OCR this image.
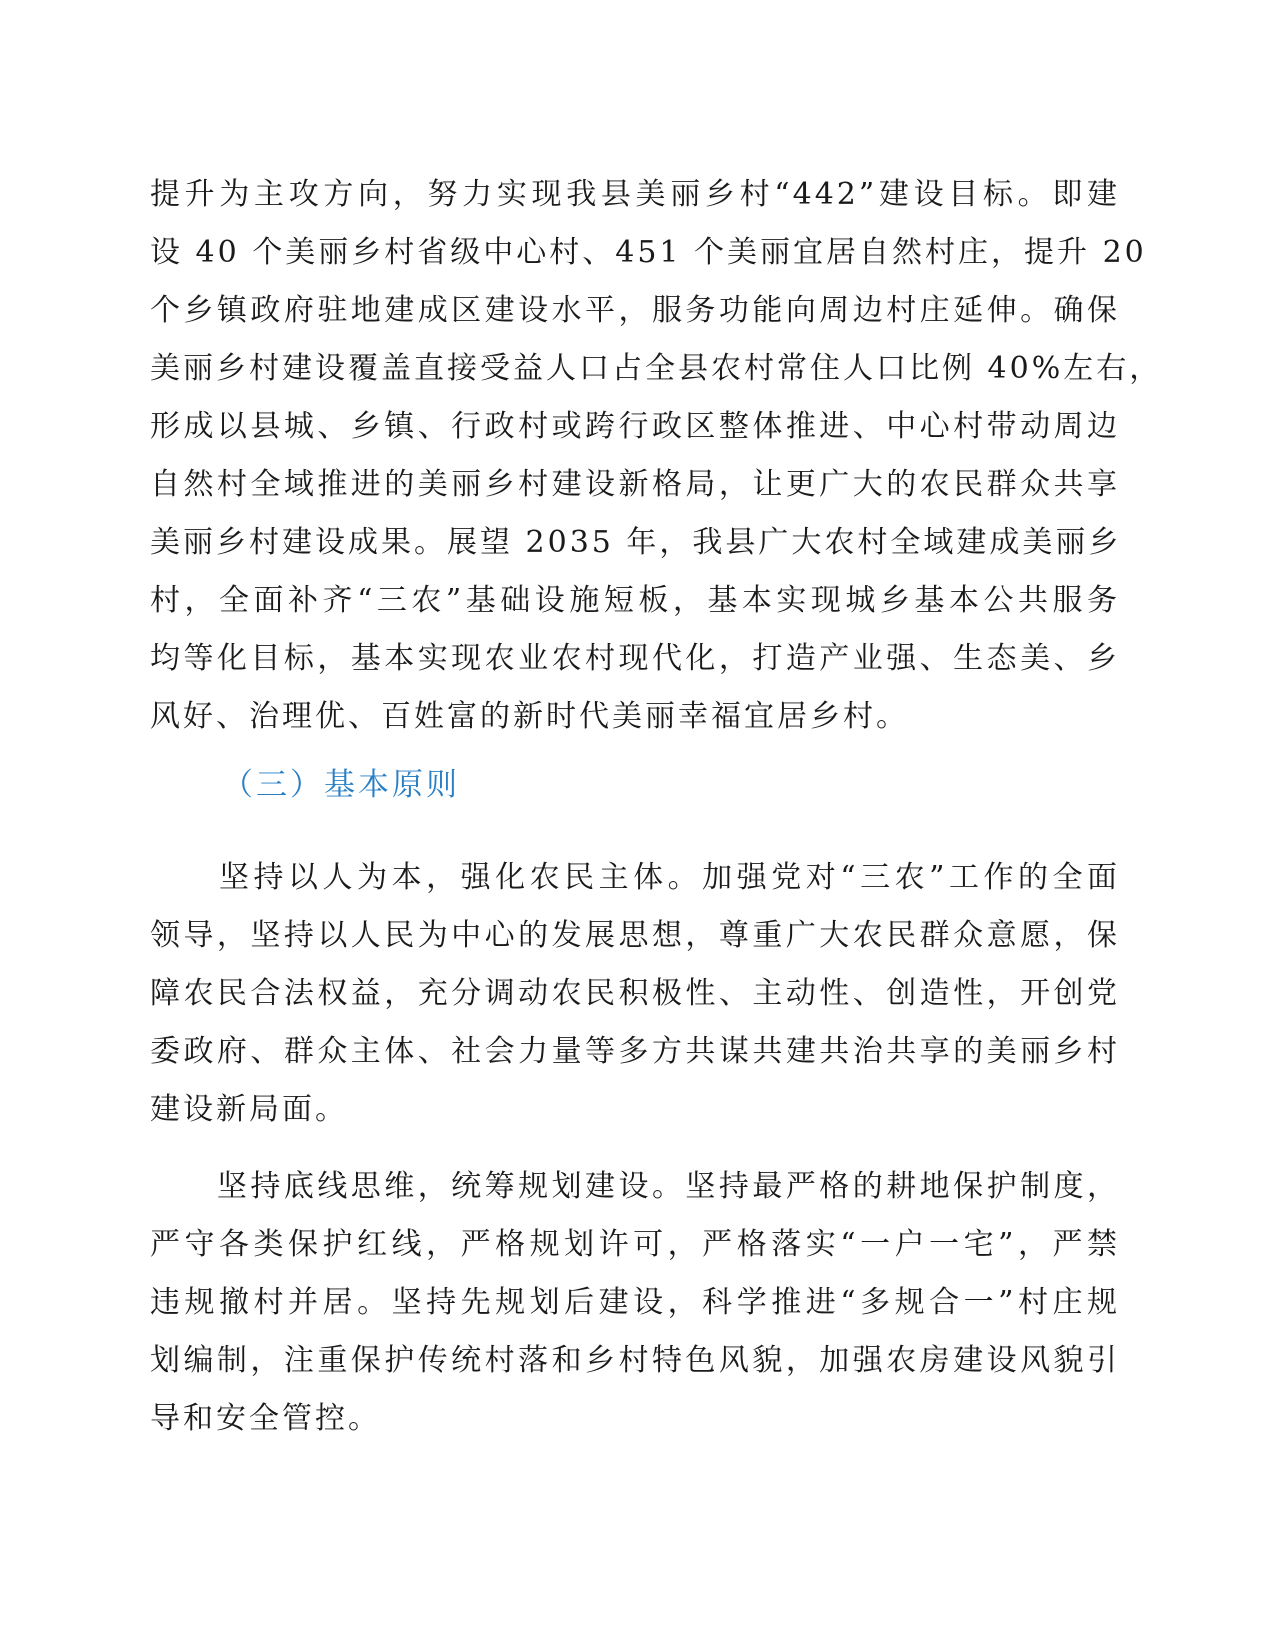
提升为主攻方向，努力实现我县美丽乡村“442”建设目标。即建
设 40 个美丽乡村省级中心村、451 个美丽宜居自然村庄，提升 20
个乡镇政府驻地建成区建设水平，服务功能向周边村庄延伸。确保
美丽乡村建设覆盖直接受益人口占全县农村常住人口比例 40%左右，
形成以县城、乡镇、行政村或跨行政区整体推进、中心村带动周边
自然村全域推进的美丽乡村建设新格局，让更广大的农民群众共享
美丽乡村建设成果。展望 2035 年，我县广大农村全域建成美丽乡
村，全面补齐“三农”基础设施短板，基本实现城乡基本公共服务
均等化目标，基本实现农业农村现代化，打造产业强、生态美、乡
风好、治理优、百姓富的新时代美丽幸福宜居乡村。
（三）基本原则
　　坚持以人为本，强化农民主体。加强党对“三农”工作的全面
领导，坚持以人民为中心的发展思想，尊重广大农民群众意愿，保
障农民合法权益，充分调动农民积极性、主动性、创造性，开创党
委政府、群众主体、社会力量等多方共谋共建共治共享的美丽乡村
建设新局面。
　　坚持底线思维，统筹规划建设。坚持最严格的耕地保护制度，
严守各类保护红线，严格规划许可，严格落实“一户一宅”，严禁
违规撤村并居。坚持先规划后建设，科学推进“多规合一”村庄规
划编制，注重保护传统村落和乡村特色风貌，加强农房建设风貌引
导和安全管控。
